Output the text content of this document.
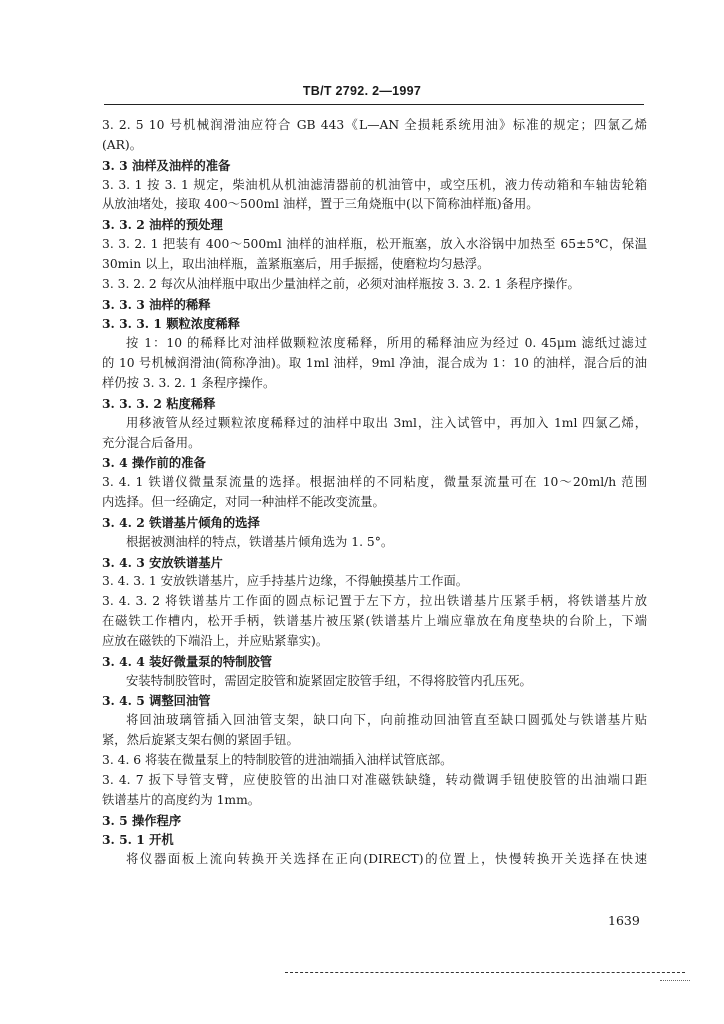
TB/T 2792. 2—1997
3. 2. 5 10 号机械润滑油应符合 GB 443《L—AN 全损耗系统用油》标准的规定；四氯乙烯
(AR)。
3. 3 油样及油样的准备
3. 3. 1 按 3. 1 规定，柴油机从机油滤清器前的机油管中，或空压机，液力传动箱和车轴齿轮箱
从放油堵处，接取 400～500ml 油样，置于三角烧瓶中(以下简称油样瓶)备用。
3. 3. 2 油样的预处理
3. 3. 2. 1 把装有 400～500ml 油样的油样瓶，松开瓶塞，放入水浴锅中加热至 65±5℃，保温
30min 以上，取出油样瓶，盖紧瓶塞后，用手振摇，使磨粒均匀悬浮。
3. 3. 2. 2 每次从油样瓶中取出少量油样之前，必须对油样瓶按 3. 3. 2. 1 条程序操作。
3. 3. 3 油样的稀释
3. 3. 3. 1 颗粒浓度稀释
按 1：10 的稀释比对油样做颗粒浓度稀释，所用的稀释油应为经过 0. 45μm 滤纸过滤过
的 10 号机械润滑油(简称净油)。取 1ml 油样，9ml 净油，混合成为 1：10 的油样，混合后的油
样仍按 3. 3. 2. 1 条程序操作。
3. 3. 3. 2 粘度稀释
用移液管从经过颗粒浓度稀释过的油样中取出 3ml，注入试管中，再加入 1ml 四氯乙烯，
充分混合后备用。
3. 4 操作前的准备
3. 4. 1 铁谱仪微量泵流量的选择。根据油样的不同粘度，微量泵流量可在 10～20ml/h 范围
内选择。但一经确定，对同一种油样不能改变流量。
3. 4. 2 铁谱基片倾角的选择
根据被测油样的特点，铁谱基片倾角选为 1. 5°。
3. 4. 3 安放铁谱基片
3. 4. 3. 1 安放铁谱基片，应手持基片边缘，不得触摸基片工作面。
3. 4. 3. 2 将铁谱基片工作面的圆点标记置于左下方，拉出铁谱基片压紧手柄，将铁谱基片放
在磁铁工作槽内，松开手柄，铁谱基片被压紧(铁谱基片上端应靠放在角度垫块的台阶上，下端
应放在磁铁的下端沿上，并应贴紧靠实)。
3. 4. 4 装好微量泵的特制胶管
安装特制胶管时，需固定胶管和旋紧固定胶管手纽，不得将胶管内孔压死。
3. 4. 5 调整回油管
将回油玻璃管插入回油管支架，缺口向下，向前推动回油管直至缺口圆弧处与铁谱基片贴
紧，然后旋紧支架右侧的紧固手钮。
3. 4. 6 将装在微量泵上的特制胶管的进油端插入油样试管底部。
3. 4. 7 扳下导管支臂，应使胶管的出油口对准磁铁缺缝，转动微调手钮使胶管的出油端口距
铁谱基片的高度约为 1mm。
3. 5 操作程序
3. 5. 1 开机
将仪器面板上流向转换开关选择在正向(DIRECT)的位置上，快慢转换开关选择在快速
1639
